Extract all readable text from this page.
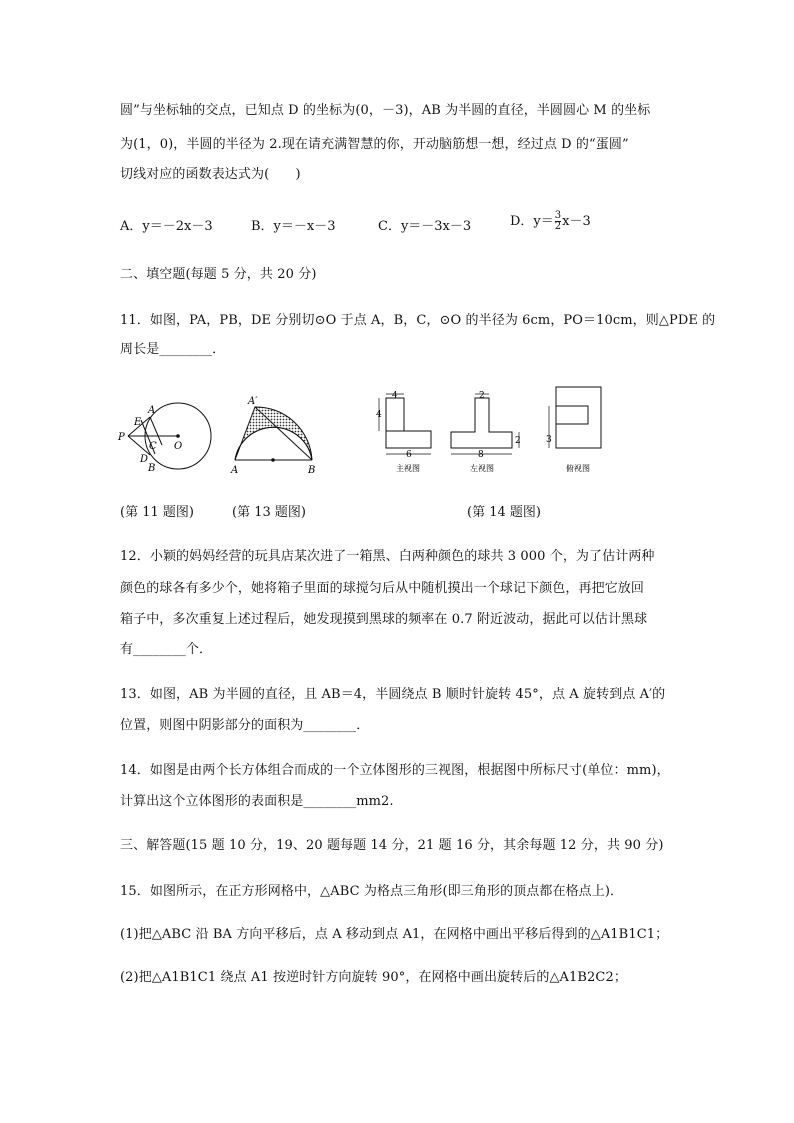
圆”与坐标轴的交点，已知点 D 的坐标为(0，－3)，AB 为半圆的直径，半圆圆心 M 的坐标
为(1，0)，半圆的半径为 2.现在请充满智慧的你，开动脑筋想一想，经过点 D 的“蛋圆”
切线对应的函数表达式为(　　)
A．y＝－2x－3	B．y＝－x－3	C．y＝－3x－3	D．$y= \frac{3}{2} x-3$
二、填空题(每题 5 分，共 20 分)
11．如图，PA，PB，DE 分别切⊙O 于点 A，B，C，⊙O 的半径为 6cm，PO＝10cm，则△PDE 的
周长是________．
P
E
A
C
D
B
O
A′
A	B
4
4
6
主视图
2
2
8
左视图
3
俯视图
(第 11 题图)	(第 13 题图)	(第 14 题图)
12．小颖的妈妈经营的玩具店某次进了一箱黑、白两种颜色的球共 3 000 个，为了估计两种
颜色的球各有多少个，她将箱子里面的球搅匀后从中随机摸出一个球记下颜色，再把它放回
箱子中，多次重复上述过程后，她发现摸到黑球的频率在 0.7 附近波动，据此可以估计黑球
有________个．
13．如图，AB 为半圆的直径，且 AB＝4，半圆绕点 B 顺时针旋转 45°，点 A 旋转到点 A′的
位置，则图中阴影部分的面积为________．
14．如图是由两个长方体组合而成的一个立体图形的三视图，根据图中所标尺寸(单位：mm)，
计算出这个立体图形的表面积是________mm2.
三、解答题(15 题 10 分，19、20 题每题 14 分，21 题 16 分，其余每题 12 分，共 90 分)
15．如图所示，在正方形网格中，△ABC 为格点三角形(即三角形的顶点都在格点上)．
(1)把△ABC 沿 BA 方向平移后，点 A 移动到点 A1，在网格中画出平移后得到的△A1B1C1；
(2)把△A1B1C1 绕点 A1 按逆时针方向旋转 90°，在网格中画出旋转后的△A1B2C2；
